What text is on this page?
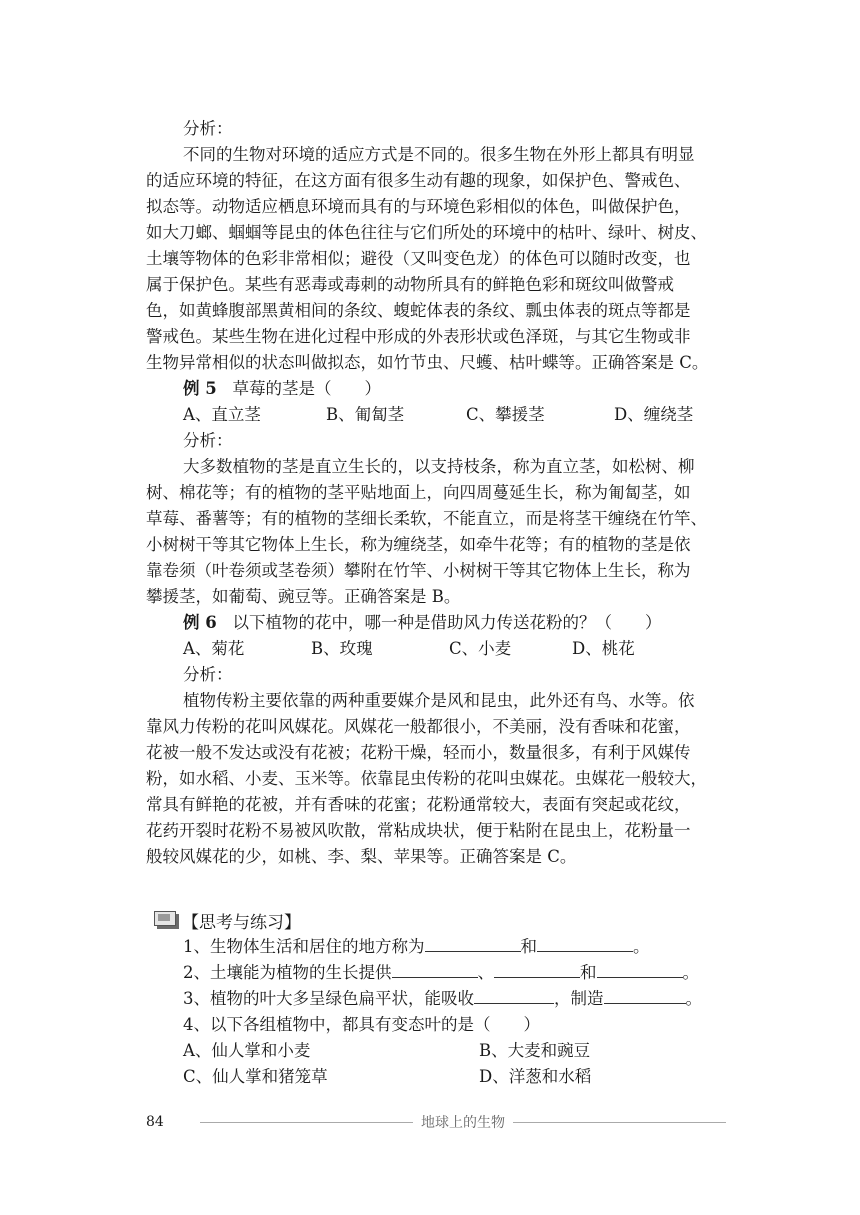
分析：
不同的生物对环境的适应方式是不同的。很多生物在外形上都具有明显
的适应环境的特征，在这方面有很多生动有趣的现象，如保护色、警戒色、
拟态等。动物适应栖息环境而具有的与环境色彩相似的体色，叫做保护色，
如大刀螂、蝈蝈等昆虫的体色往往与它们所处的环境中的枯叶、绿叶、树皮、
土壤等物体的色彩非常相似；避役（又叫变色龙）的体色可以随时改变，也
属于保护色。某些有恶毒或毒刺的动物所具有的鲜艳色彩和斑纹叫做警戒
色，如黄蜂腹部黑黄相间的条纹、蝮蛇体表的条纹、瓢虫体表的斑点等都是
警戒色。某些生物在进化过程中形成的外表形状或色泽斑，与其它生物或非
生物异常相似的状态叫做拟态，如竹节虫、尺蠖、枯叶蝶等。正确答案是 C。
例 5 草莓的茎是（　　）
A、直立茎	B、匍匐茎	C、攀援茎	D、缠绕茎
分析：
大多数植物的茎是直立生长的，以支持枝条，称为直立茎，如松树、柳
树、棉花等；有的植物的茎平贴地面上，向四周蔓延生长，称为匍匐茎，如
草莓、番薯等；有的植物的茎细长柔软，不能直立，而是将茎干缠绕在竹竿、
小树树干等其它物体上生长，称为缠绕茎，如牵牛花等；有的植物的茎是依
靠卷须（叶卷须或茎卷须）攀附在竹竿、小树树干等其它物体上生长，称为
攀援茎，如葡萄、豌豆等。正确答案是 B。
例 6 以下植物的花中，哪一种是借助风力传送花粉的？（　　）
A、菊花	B、玫瑰	C、小麦	D、桃花
分析：
植物传粉主要依靠的两种重要媒介是风和昆虫，此外还有鸟、水等。依
靠风力传粉的花叫风媒花。风媒花一般都很小，不美丽，没有香味和花蜜，
花被一般不发达或没有花被；花粉干燥，轻而小，数量很多，有利于风媒传
粉，如水稻、小麦、玉米等。依靠昆虫传粉的花叫虫媒花。虫媒花一般较大，
常具有鲜艳的花被，并有香味的花蜜；花粉通常较大，表面有突起或花纹，
花药开裂时花粉不易被风吹散，常粘成块状，便于粘附在昆虫上，花粉量一
般较风媒花的少，如桃、李、梨、苹果等。正确答案是 C。
【思考与练习】
1、生物体生活和居住的地方称为	和	。
2、土壤能为植物的生长提供	、	和	。
3、植物的叶大多呈绿色扁平状，能吸收	，制造	。
4、以下各组植物中，都具有变态叶的是（　　）
A、仙人掌和小麦	B、大麦和豌豆
C、仙人掌和猪笼草	D、洋葱和水稻
84	地球上的生物
